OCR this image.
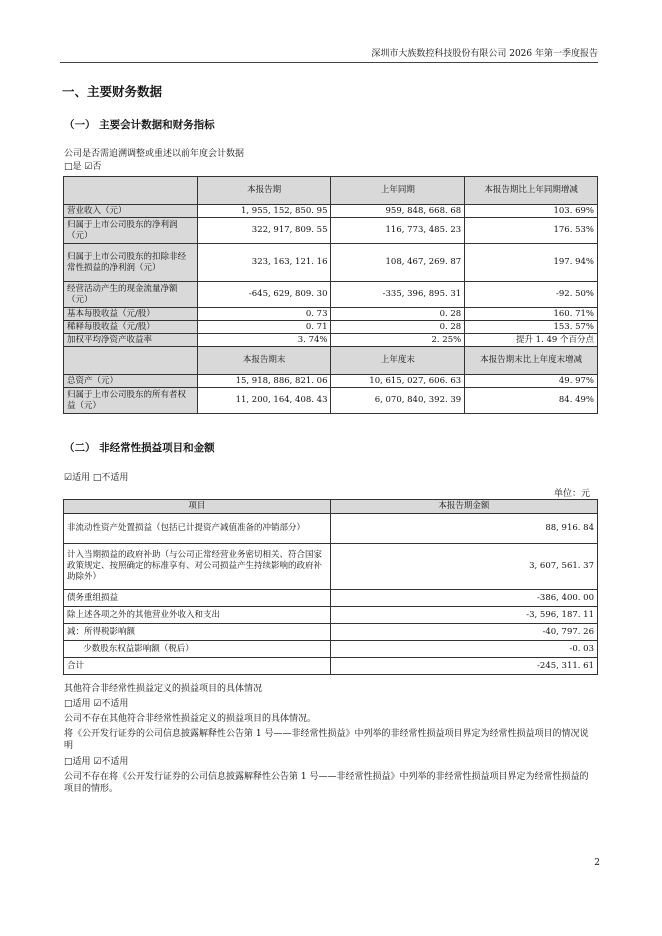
深圳市大族数控科技股份有限公司 2026 年第一季度报告
一、主要财务数据
（一） 主要会计数据和财务指标
公司是否需追溯调整或重述以前年度会计数据
□是 ☑否
	本报告期	上年同期	本报告期比上年同期增减
营业收入（元）	1, 955, 152, 850. 95	959, 848, 668. 68	103. 69%
归属于上市公司股东的净利润（元）	322, 917, 809. 55	116, 773, 485. 23	176. 53%
归属于上市公司股东的扣除非经常性损益的净利润（元）	323, 163, 121. 16	108, 467, 269. 87	197. 94%
经营活动产生的现金流量净额（元）	-645, 629, 809. 30	-335, 396, 895. 31	-92. 50%
基本每股收益（元/股）	0. 73	0. 28	160. 71%
稀释每股收益（元/股）	0. 71	0. 28	153. 57%
加权平均净资产收益率	3. 74%	2. 25%	提升 1. 49 个百分点
	本报告期末	上年度末	本报告期末比上年度末增减
总资产（元）	15, 918, 886, 821. 06	10, 615, 027, 606. 63	49. 97%
归属于上市公司股东的所有者权益（元）	11, 200, 164, 408. 43	6, 070, 840, 392. 39	84. 49%
（二） 非经常性损益项目和金额
☑适用 □不适用
单位：元
项目	本报告期金额
非流动性资产处置损益（包括已计提资产减值准备的冲销部分）	88, 916. 84
计入当期损益的政府补助（与公司正常经营业务密切相关、符合国家政策规定、按照确定的标准享有、对公司损益产生持续影响的政府补助除外）	3, 607, 561. 37
债务重组损益	-386, 400. 00
除上述各项之外的其他营业外收入和支出	-3, 596, 187. 11
减：所得税影响额	-40, 797. 26
少数股东权益影响额（税后）	-0. 03
合计	-245, 311. 61
其他符合非经常性损益定义的损益项目的具体情况
□适用 ☑不适用
公司不存在其他符合非经常性损益定义的损益项目的具体情况。
将《公开发行证券的公司信息披露解释性公告第 1 号——非经常性损益》中列举的非经常性损益项目界定为经常性损益项目的情况说明
□适用 ☑不适用
公司不存在将《公开发行证券的公司信息披露解释性公告第 1 号——非经常性损益》中列举的非经常性损益项目界定为经常性损益的项目的情形。
2
